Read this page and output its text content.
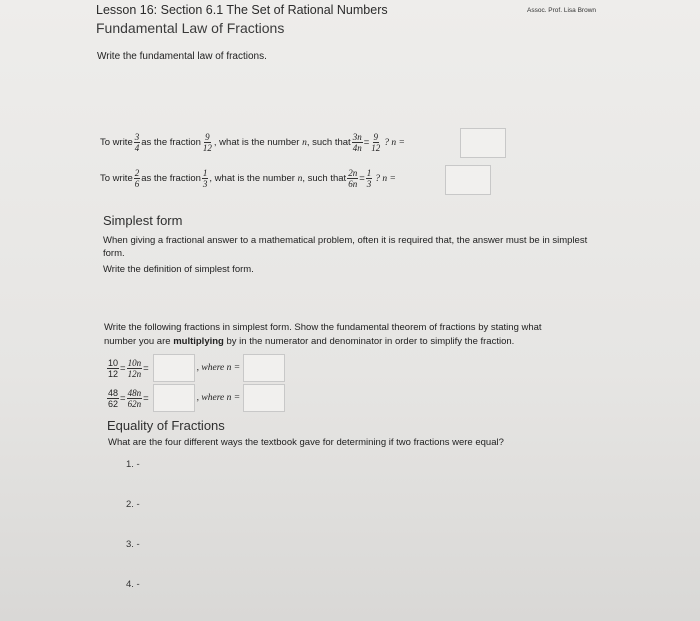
Lesson 16: Section 6.1 The Set of Rational Numbers	Assoc. Prof. Lisa Brown
Fundamental Law of Fractions
Write the fundamental law of fractions.
To write $\frac{3}{4}$ as the fraction $\frac{9}{12}$ , what is the number
n , such that $\frac{3n}{4n} = \frac{9}{12}$ ? n =
To write $\frac{2}{6}$ as the fraction $\frac{1}{3}$ , what is the number
n , such that $\frac{2n}{6n} = \frac{1}{3}$ ? n =
Simplest form
When giving a fractional answer to a mathematical problem, often it is required that, the answer must be in simplest form.
Write the definition of simplest form.
Write the following fractions in simplest form. Show the fundamental theorem of fractions by stating what
number you are multiplying by in the numerator and denominator in order to simplify the fraction.
$\frac{10}{12} = \frac{10n}{12n}$ =	, where n =
$\frac{48}{62} = \frac{48n}{62n}$ =	, where n =
Equality of Fractions
What are the four different ways the textbook gave for determining if two fractions were equal?
1. -
2. -
3. -
4. -
